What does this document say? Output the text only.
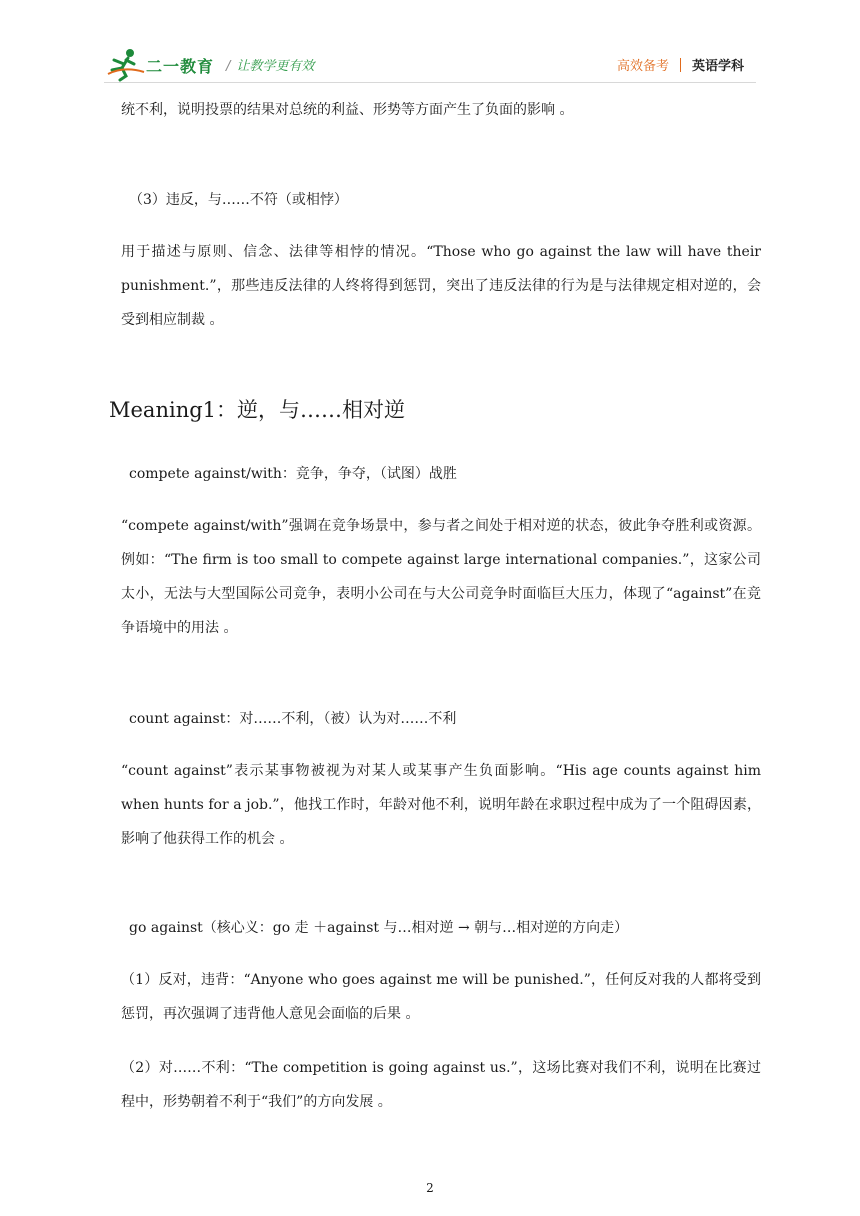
二一教育 / 让教学更有效	高效备考 英语学科
统不利，说明投票的结果对总统的利益、形势等方面产生了负面的影响 。
（3）违反，与……不符（或相悖）
用于描述与原则、信念、法律等相悖的情况。“Those who go against the law will have their punishment.”，那些违反法律的人终将得到惩罚，突出了违反法律的行为是与法律规定相对逆的，会受到相应制裁 。
Meaning1：逆，与……相对逆
compete against/with：竞争，争夺，（试图）战胜
“compete against/with”强调在竞争场景中，参与者之间处于相对逆的状态，彼此争夺胜利或资源。例如：“The firm is too small to compete against large international companies.”，这家公司太小，无法与大型国际公司竞争，表明小公司在与大公司竞争时面临巨大压力，体现了“against”在竞争语境中的用法 。
count against：对……不利，（被）认为对……不利
“count against”表示某事物被视为对某人或某事产生负面影响。“His age counts against him when hunts for a job.”，他找工作时，年龄对他不利，说明年龄在求职过程中成为了一个阻碍因素，影响了他获得工作的机会 。
go against（核心义：go 走 ＋against 与…相对逆 → 朝与…相对逆的方向走）
（1）反对，违背：“Anyone who goes against me will be punished.”，任何反对我的人都将受到惩罚，再次强调了违背他人意见会面临的后果 。
（2）对……不利：“The competition is going against us.”，这场比赛对我们不利，说明在比赛过程中，形势朝着不利于“我们”的方向发展 。
2
